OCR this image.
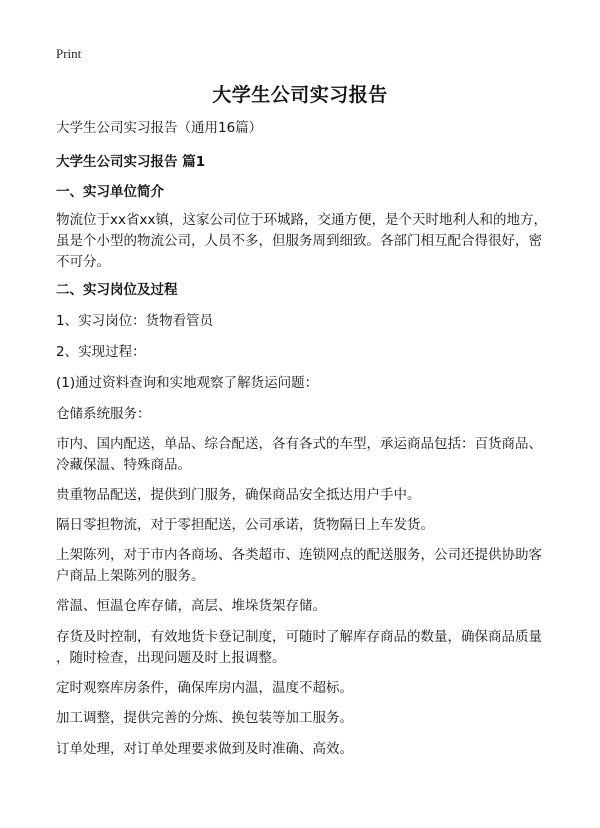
Print
大学生公司实习报告

大学生公司实习报告（通用16篇）

大学生公司实习报告 篇1

一、实习单位简介

物流位于xx省xx镇，这家公司位于环城路，交通方便，是个天时地利人和的地方，

虽是个小型的物流公司，人员不多，但服务周到细致。各部门相互配合得很好，密

不可分。

二、实习岗位及过程

1、实习岗位：货物看管员

2、实现过程：

(1)通过资料查询和实地观察了解货运问题：

仓储系统服务：

市内、国内配送，单品、综合配送，各有各式的车型，承运商品包括：百货商品、

冷藏保温、特殊商品。

贵重物品配送，提供到门服务，确保商品安全抵达用户手中。

隔日零担物流，对于零担配送，公司承诺，货物隔日上车发货。

上架陈列，对于市内各商场、各类超市、连锁网点的配送服务，公司还提供协助客

户商品上架陈列的服务。

常温、恒温仓库存储，高层、堆垛货架存储。

存货及时控制，有效地货卡登记制度，可随时了解库存商品的数量，确保商品质量

，随时检查，出现问题及时上报调整。

定时观察库房条件，确保库房内温，温度不超标。

加工调整，提供完善的分炼、换包装等加工服务。

订单处理，对订单处理要求做到及时准确、高效。
